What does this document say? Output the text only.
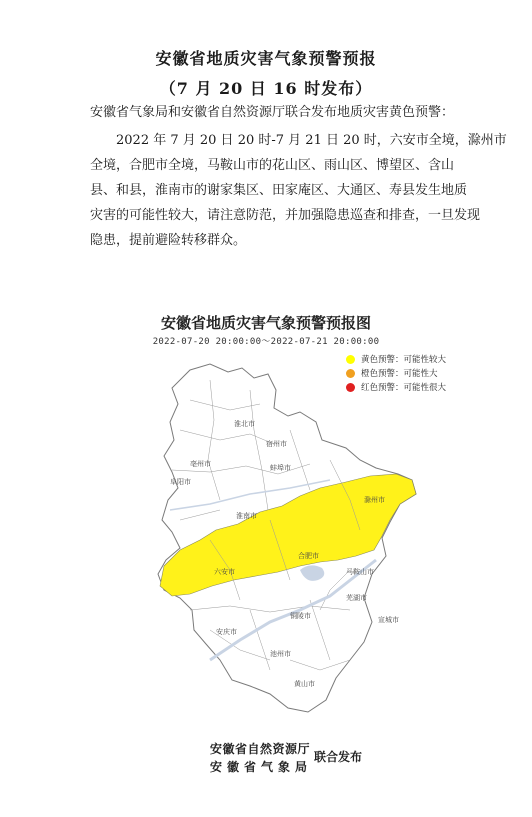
安徽省地质灾害气象预警预报
（7 月 20 日 16 时发布）
安徽省气象局和安徽省自然资源厅联合发布地质灾害黄色预警：
2022 年 7 月 20 日 20 时-7 月 21 日 20 时，六安市全境，滁州市
全境，合肥市全境，马鞍山市的花山区、雨山区、博望区、含山
县、和县，淮南市的谢家集区、田家庵区、大通区、寿县发生地质
灾害的可能性较大，请注意防范，并加强隐患巡查和排查，一旦发现
隐患，提前避险转移群众。
安徽省地质灾害气象预警预报图
2022-07-20 20:00:00～2022-07-21 20:00:00
黄色预警：可能性较大
橙色预警：可能性大
红色预警：可能性很大
宿州市
淮北市
亳州市
阜阳市
蚌埠市
淮南市
滁州市
六安市
合肥市
马鞍山市
芜湖市
宣城市
铜陵市
池州市
安庆市
黄山市
安徽省自然资源厅
安徽省气象局
联合发布
